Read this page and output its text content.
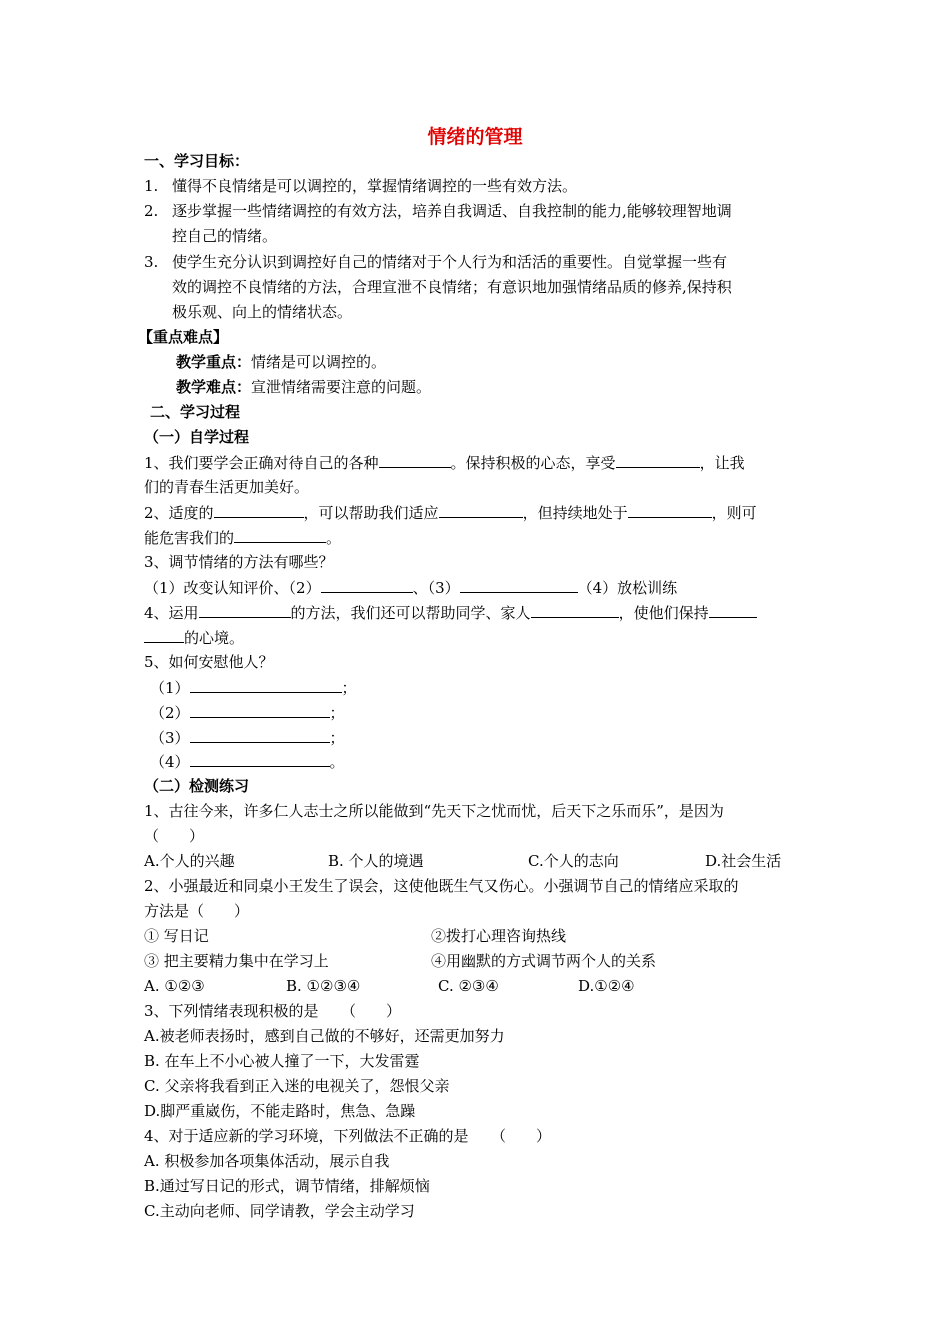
情绪的管理
一、学习目标：
1. 懂得不良情绪是可以调控的，掌握情绪调控的一些有效方法。
2. 逐步掌握一些情绪调控的有效方法，培养自我调适、自我控制的能力,能够较理智地调
控自己的情绪。
3. 使学生充分认识到调控好自己的情绪对于个人行为和活活的重要性。自觉掌握一些有
效的调控不良情绪的方法，合理宣泄不良情绪；有意识地加强情绪品质的修养,保持积
极乐观、向上的情绪状态。
【重点难点】
教学重点：情绪是可以调控的。
教学难点：宣泄情绪需要注意的问题。
二、学习过程
（一）自学过程
1、我们要学会正确对待自己的各种	。保持积极的心态，享受	，让我
们的青春生活更加美好。
2、适度的	，可以帮助我们适应	，但持续地处于	，则可
能危害我们的	。
3、调节情绪的方法有哪些？
（1）改变认知评价、（2）	、（3）	（4）放松训练
4、运用	的方法，我们还可以帮助同学、家人	，使他们保持
的心境。
5、如何安慰他人？
（1）	；
（2）	；
（3）	；
（4）	。
（二）检测练习
1、古往今来，许多仁人志士之所以能做到“先天下之忧而忧，后天下之乐而乐”，是因为
（　　）
A.个人的兴趣	B. 个人的境遇	C.个人的志向	D.社会生活
2、小强最近和同桌小王发生了误会，这使他既生气又伤心。小强调节自己的情绪应采取的
方法是（　　）
① 写日记	②拨打心理咨询热线
③ 把主要精力集中在学习上	④用幽默的方式调节两个人的关系
A. ①②③	B. ①②③④	C. ②③④	D.①②④
3、下列情绪表现积极的是　　（　　）
A.被老师表扬时，感到自己做的不够好，还需更加努力
B. 在车上不小心被人撞了一下，大发雷霆
C. 父亲将我看到正入迷的电视关了，怨恨父亲
D.脚严重崴伤，不能走路时，焦急、急躁
4、对于适应新的学习环境，下列做法不正确的是　　（　　）
A. 积极参加各项集体活动，展示自我
B.通过写日记的形式，调节情绪，排解烦恼
C.主动向老师、同学请教，学会主动学习
